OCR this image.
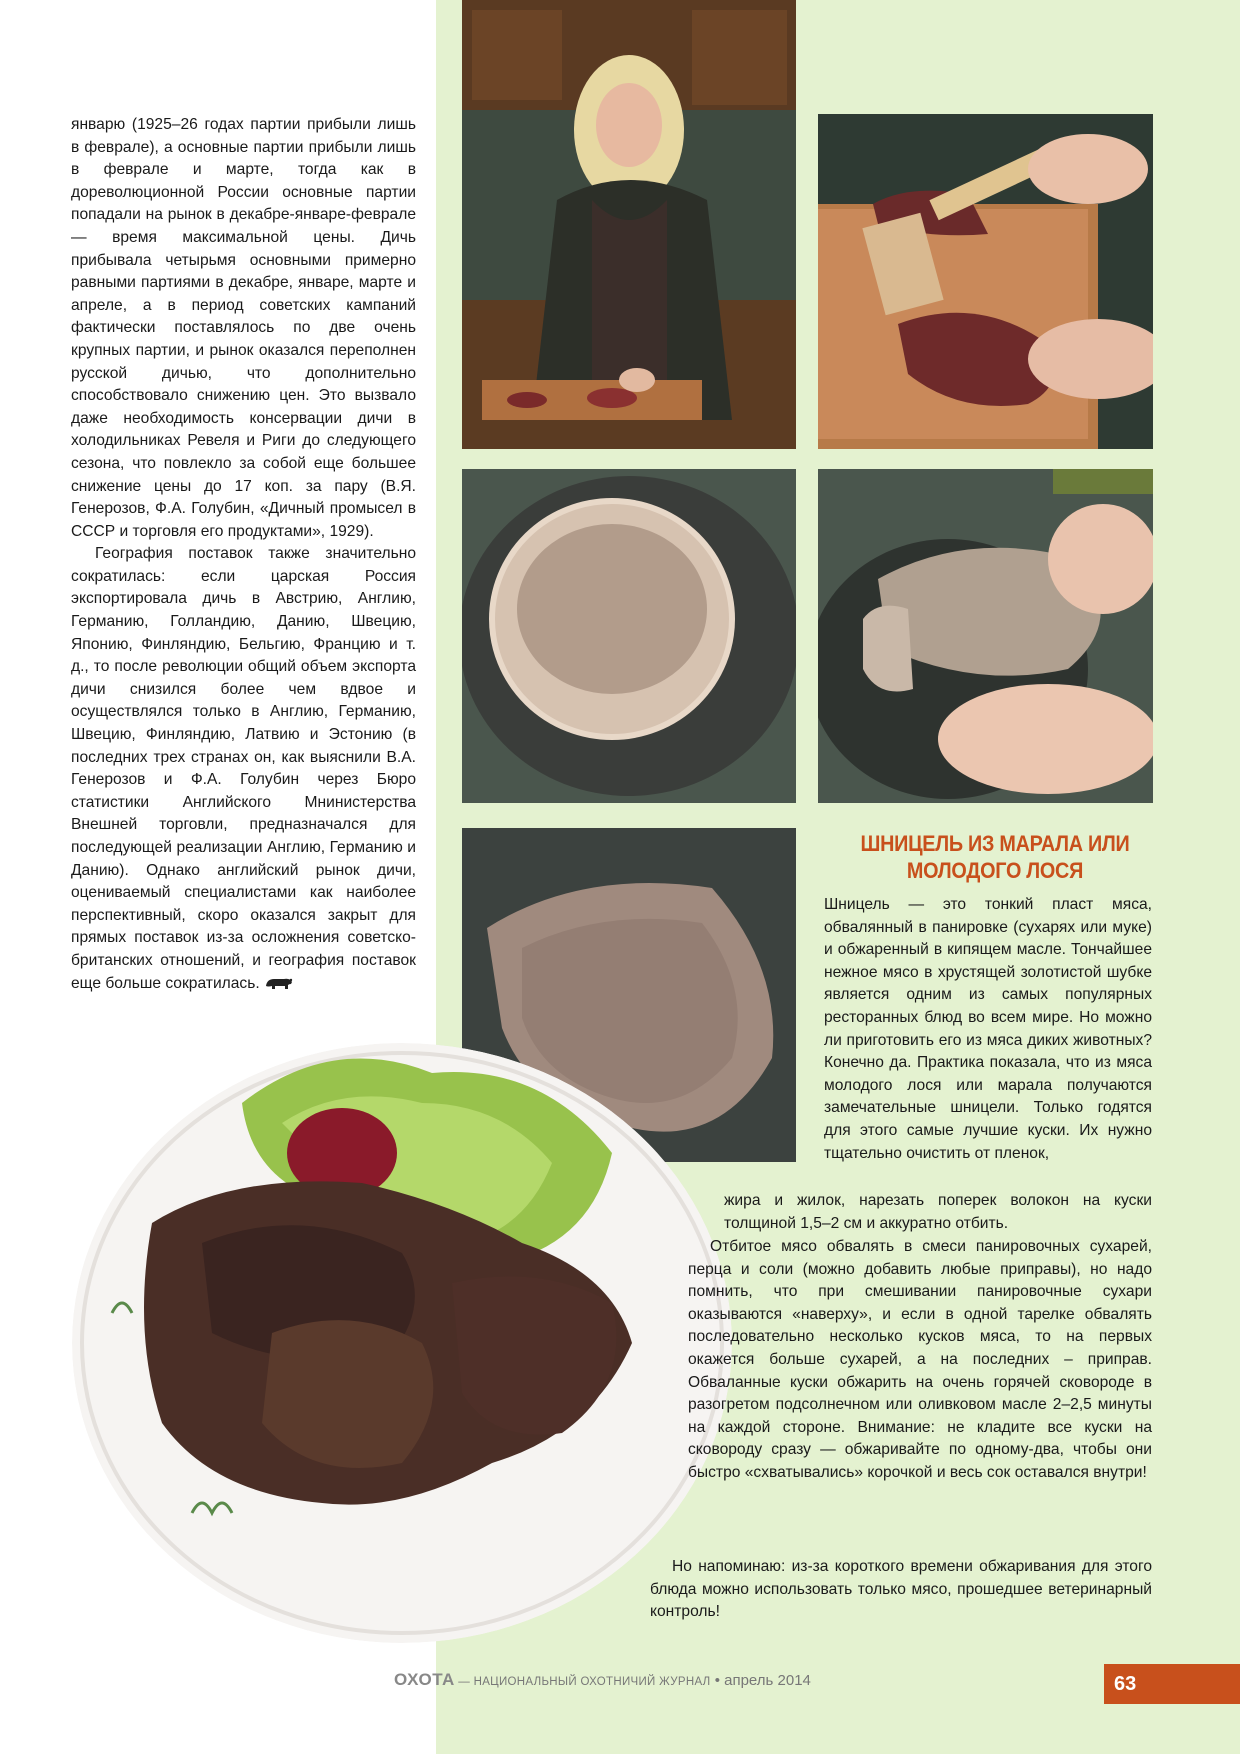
январю (1925–26 годах партии прибыли лишь в феврале), а основные партии прибыли лишь в феврале и марте, тогда как в дореволюционной России основные партии попадали на рынок в декабре-январе-феврале — время максимальной цены. Дичь прибывала четырьмя основными примерно равными партиями в декабре, январе, марте и апреле, а в период советских кампаний фактически поставлялось по две очень крупных партии, и рынок оказался переполнен русской дичью, что дополнительно способствовало снижению цен. Это вызвало даже необходимость консервации дичи в холодильниках Ревеля и Риги до следующего сезона, что повлекло за собой еще большее снижение цены до 17 коп. за пару (В.Я. Генерозов, Ф.А. Голубин, «Дичный промысел в СССР и торговля его продуктами», 1929).

География поставок также значительно сократилась: если царская Россия экспортировала дичь в Австрию, Англию, Германию, Голландию, Данию, Швецию, Японию, Финляндию, Бельгию, Францию и т. д., то после революции общий объем экспорта дичи снизился более чем вдвое и осуществлялся только в Англию, Германию, Швецию, Финляндию, Латвию и Эстонию (в последних трех странах он, как выяснили В.А. Генерозов и Ф.А. Голубин через Бюро статистики Английского Мнинистерства Внешней торговли, предназначался для последующей реализации Англию, Германию и Данию). Однако английский рынок дичи, оцениваемый специалистами как наиболее перспективный, скоро оказался закрыт для прямых поставок из-за осложнения советско-британских отношений, и география поставок еще больше сократилась.

ШНИЦЕЛЬ ИЗ МАРАЛА ИЛИ
МОЛОДОГО ЛОСЯ

Шницель — это тонкий пласт мяса, обвалянный в панировке (сухарях или муке) и обжаренный в кипящем масле. Тончайшее нежное мясо в хрустящей золотистой шубке является одним из самых популярных ресторанных блюд во всем мире. Но можно ли приготовить его из мяса диких животных? Конечно да. Практика показала, что из мяса молодого лося или марала получаются замечательные шницели. Только годятся для этого самые лучшие куски. Их нужно тщательно очистить от пленок,

жира и жилок, нарезать поперек волокон на куски толщиной 1,5–2 см и аккуратно отбить.

Отбитое мясо обвалять в смеси панировочных сухарей, перца и соли (можно добавить любые приправы), но надо помнить, что при смешивании панировочные сухари оказываются «наверху», и если в одной тарелке обвалять последовательно несколько кусков мяса, то на первых окажется больше сухарей, а на последних – приправ. Обваланные куски обжарить на очень горячей сковороде в разогретом подсолнечном или оливковом масле 2–2,5 минуты на каждой стороне. Внимание: не кладите все куски на сковороду сразу — обжаривайте по одному-два, чтобы они быстро «схватывались» корочкой и весь сок оставался внутри!

Но напоминаю: из-за короткого времени обжаривания для этого блюда можно использовать только мясо, прошедшее ветеринарный контроль!

ОХОТА — НАЦИОНАЛЬНЫЙ ОХОТНИЧИЙ ЖУРНАЛ • апрель 2014	63
